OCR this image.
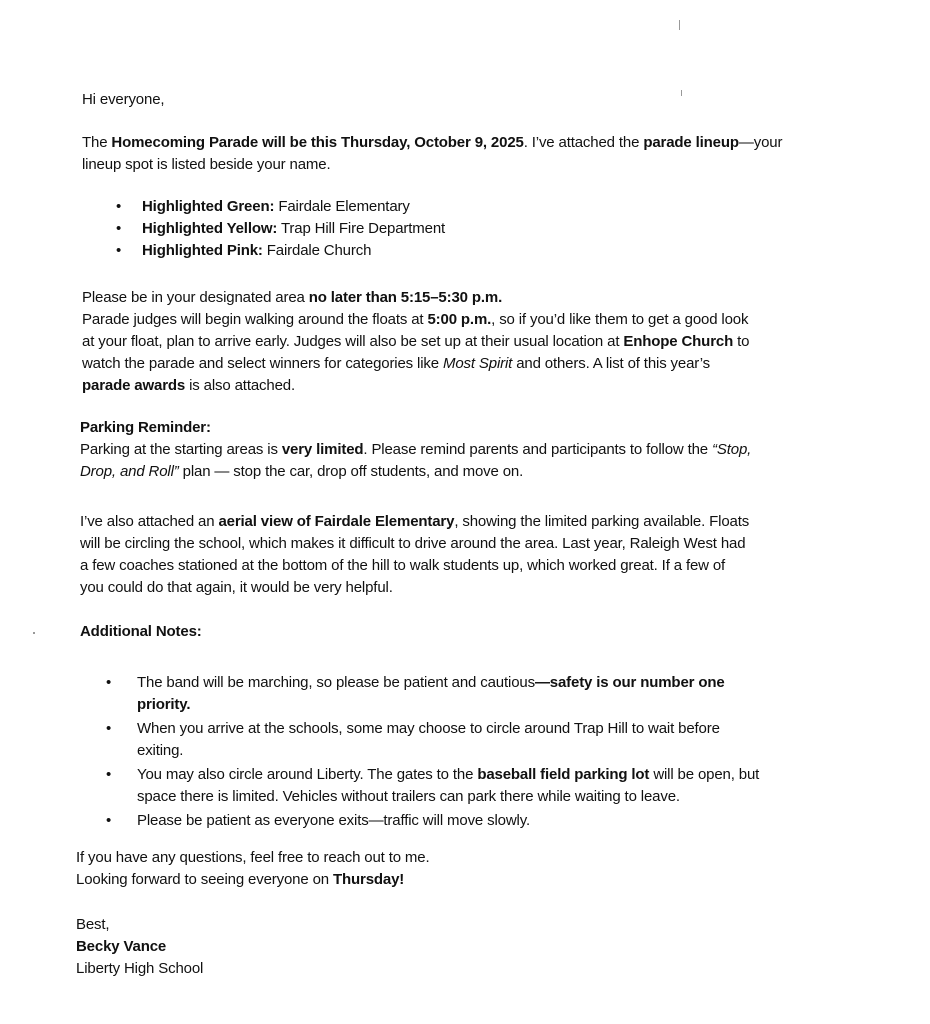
Hi everyone,
The Homecoming Parade will be this Thursday, October 9, 2025. I’ve attached the parade lineup—your
lineup spot is listed beside your name.
Please be in your designated area no later than 5:15–5:30 p.m.
Parade judges will begin walking around the floats at 5:00 p.m., so if you’d like them to get a good look
at your float, plan to arrive early. Judges will also be set up at their usual location at Enhope Church to
watch the parade and select winners for categories like Most Spirit and others. A list of this year’s
parade awards is also attached.
Parking Reminder:
Parking at the starting areas is very limited. Please remind parents and participants to follow the “Stop,
Drop, and Roll” plan — stop the car, drop off students, and move on.
I’ve also attached an aerial view of Fairdale Elementary, showing the limited parking available. Floats
will be circling the school, which makes it difficult to drive around the area. Last year, Raleigh West had
a few coaches stationed at the bottom of the hill to walk students up, which worked great. If a few of
you could do that again, it would be very helpful.
Additional Notes:
If you have any questions, feel free to reach out to me.
Looking forward to seeing everyone on Thursday!
Best,
Becky Vance
Liberty High School
• Highlighted Green: Fairdale Elementary
• Highlighted Yellow: Trap Hill Fire Department
• Highlighted Pink: Fairdale Church
• The band will be marching, so please be patient and cautious—safety is our number one
priority.
• When you arrive at the schools, some may choose to circle around Trap Hill to wait before
exiting.
• You may also circle around Liberty. The gates to the baseball field parking lot will be open, but
space there is limited. Vehicles without trailers can park there while waiting to leave.
• Please be patient as everyone exits—traffic will move slowly.
